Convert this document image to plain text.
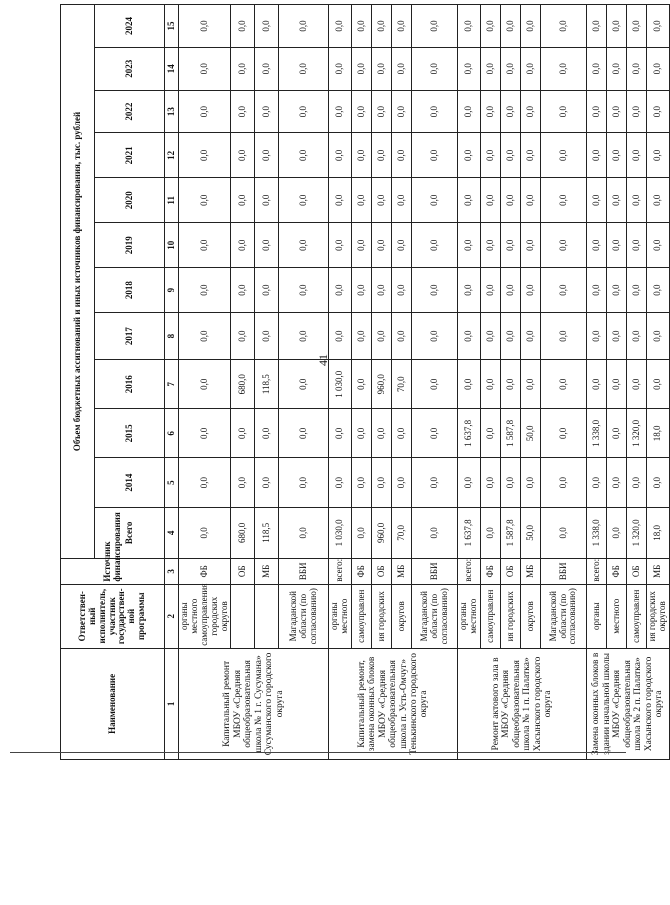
41
Наименование	Ответствен-ный исполнитель, участник государствен-ной программы	Источник финансирования	Объем бюджетных ассигнований и иных источников финансирования, тыс. рублей											
			Всего	2014	2015	2016	2017	2018	2019	2020	2021	2022	2023	2024
1	2	3	4	5	6	7	8	9	10	11	12	13	14	15
Капитальный ремонт МБОУ «Средняя общеобразовательная школа № 1 г. Сусумана» Сусуманского городского округа	органы местного самоуправления городских округов	ФБ	0,0	0,0	0,0	0,0	0,0	0,0	0,0	0,0	0,0	0,0	0,0	0,0
		ОБ	680,0	0,0	0,0	680,0	0,0	0,0	0,0	0,0	0,0	0,0	0,0	0,0
		МБ	118,5	0,0	0,0	118,5	0,0	0,0	0,0	0,0	0,0	0,0	0,0	0,0
	Магаданской области (по согласованию)	ВБИ	0,0	0,0	0,0	0,0	0,0	0,0	0,0	0,0	0,0	0,0	0,0	0,0
Капитальный ремонт, замена оконных блоков МБОУ «Средняя общеобразовательная школа п. Усть-Омчуг» Тенькинского городского округа	органы местного	всего:	1 030,0	0,0	0,0	1 030,0	0,0	0,0	0,0	0,0	0,0	0,0	0,0	0,0
	самоуправлен	ФБ	0,0	0,0	0,0	0,0	0,0	0,0	0,0	0,0	0,0	0,0	0,0	0,0
	ия городских	ОБ	960,0	0,0	0,0	960,0	0,0	0,0	0,0	0,0	0,0	0,0	0,0	0,0
	округов	МБ	70,0	0,0	0,0	70,0	0,0	0,0	0,0	0,0	0,0	0,0	0,0	0,0
	Магаданской области (по согласованию)	ВБИ	0,0	0,0	0,0	0,0	0,0	0,0	0,0	0,0	0,0	0,0	0,0	0,0
Ремонт актового зала в МБОУ «Средняя общеобразовательная школа № 1 п. Палатка» Хасынского городского округа	органы местного	всего:	1 637,8	0,0	1 637,8	0,0	0,0	0,0	0,0	0,0	0,0	0,0	0,0	0,0
	самоуправлен	ФБ	0,0	0,0	0,0	0,0	0,0	0,0	0,0	0,0	0,0	0,0	0,0	0,0
	ия городских	ОБ	1 587,8	0,0	1 587,8	0,0	0,0	0,0	0,0	0,0	0,0	0,0	0,0	0,0
	округов	МБ	50,0	0,0	50,0	0,0	0,0	0,0	0,0	0,0	0,0	0,0	0,0	0,0
	Магаданской области (по согласованию)	ВБИ	0,0	0,0	0,0	0,0	0,0	0,0	0,0	0,0	0,0	0,0	0,0	0,0
Замена оконных блоков в здании начальной школы МБОУ «Средняя общеобразовательная школа № 2 п. Палатка» Хасынского городского округа	органы	всего:	1 338,0	0,0	1 338,0	0,0	0,0	0,0	0,0	0,0	0,0	0,0	0,0	0,0
	местного	ФБ	0,0	0,0	0,0	0,0	0,0	0,0	0,0	0,0	0,0	0,0	0,0	0,0
	самоуправлен	ОБ	1 320,0	0,0	1 320,0	0,0	0,0	0,0	0,0	0,0	0,0	0,0	0,0	0,0
	ия городских округов	МБ	18,0	0,0	18,0	0,0	0,0	0,0	0,0	0,0	0,0	0,0	0,0	0,0
